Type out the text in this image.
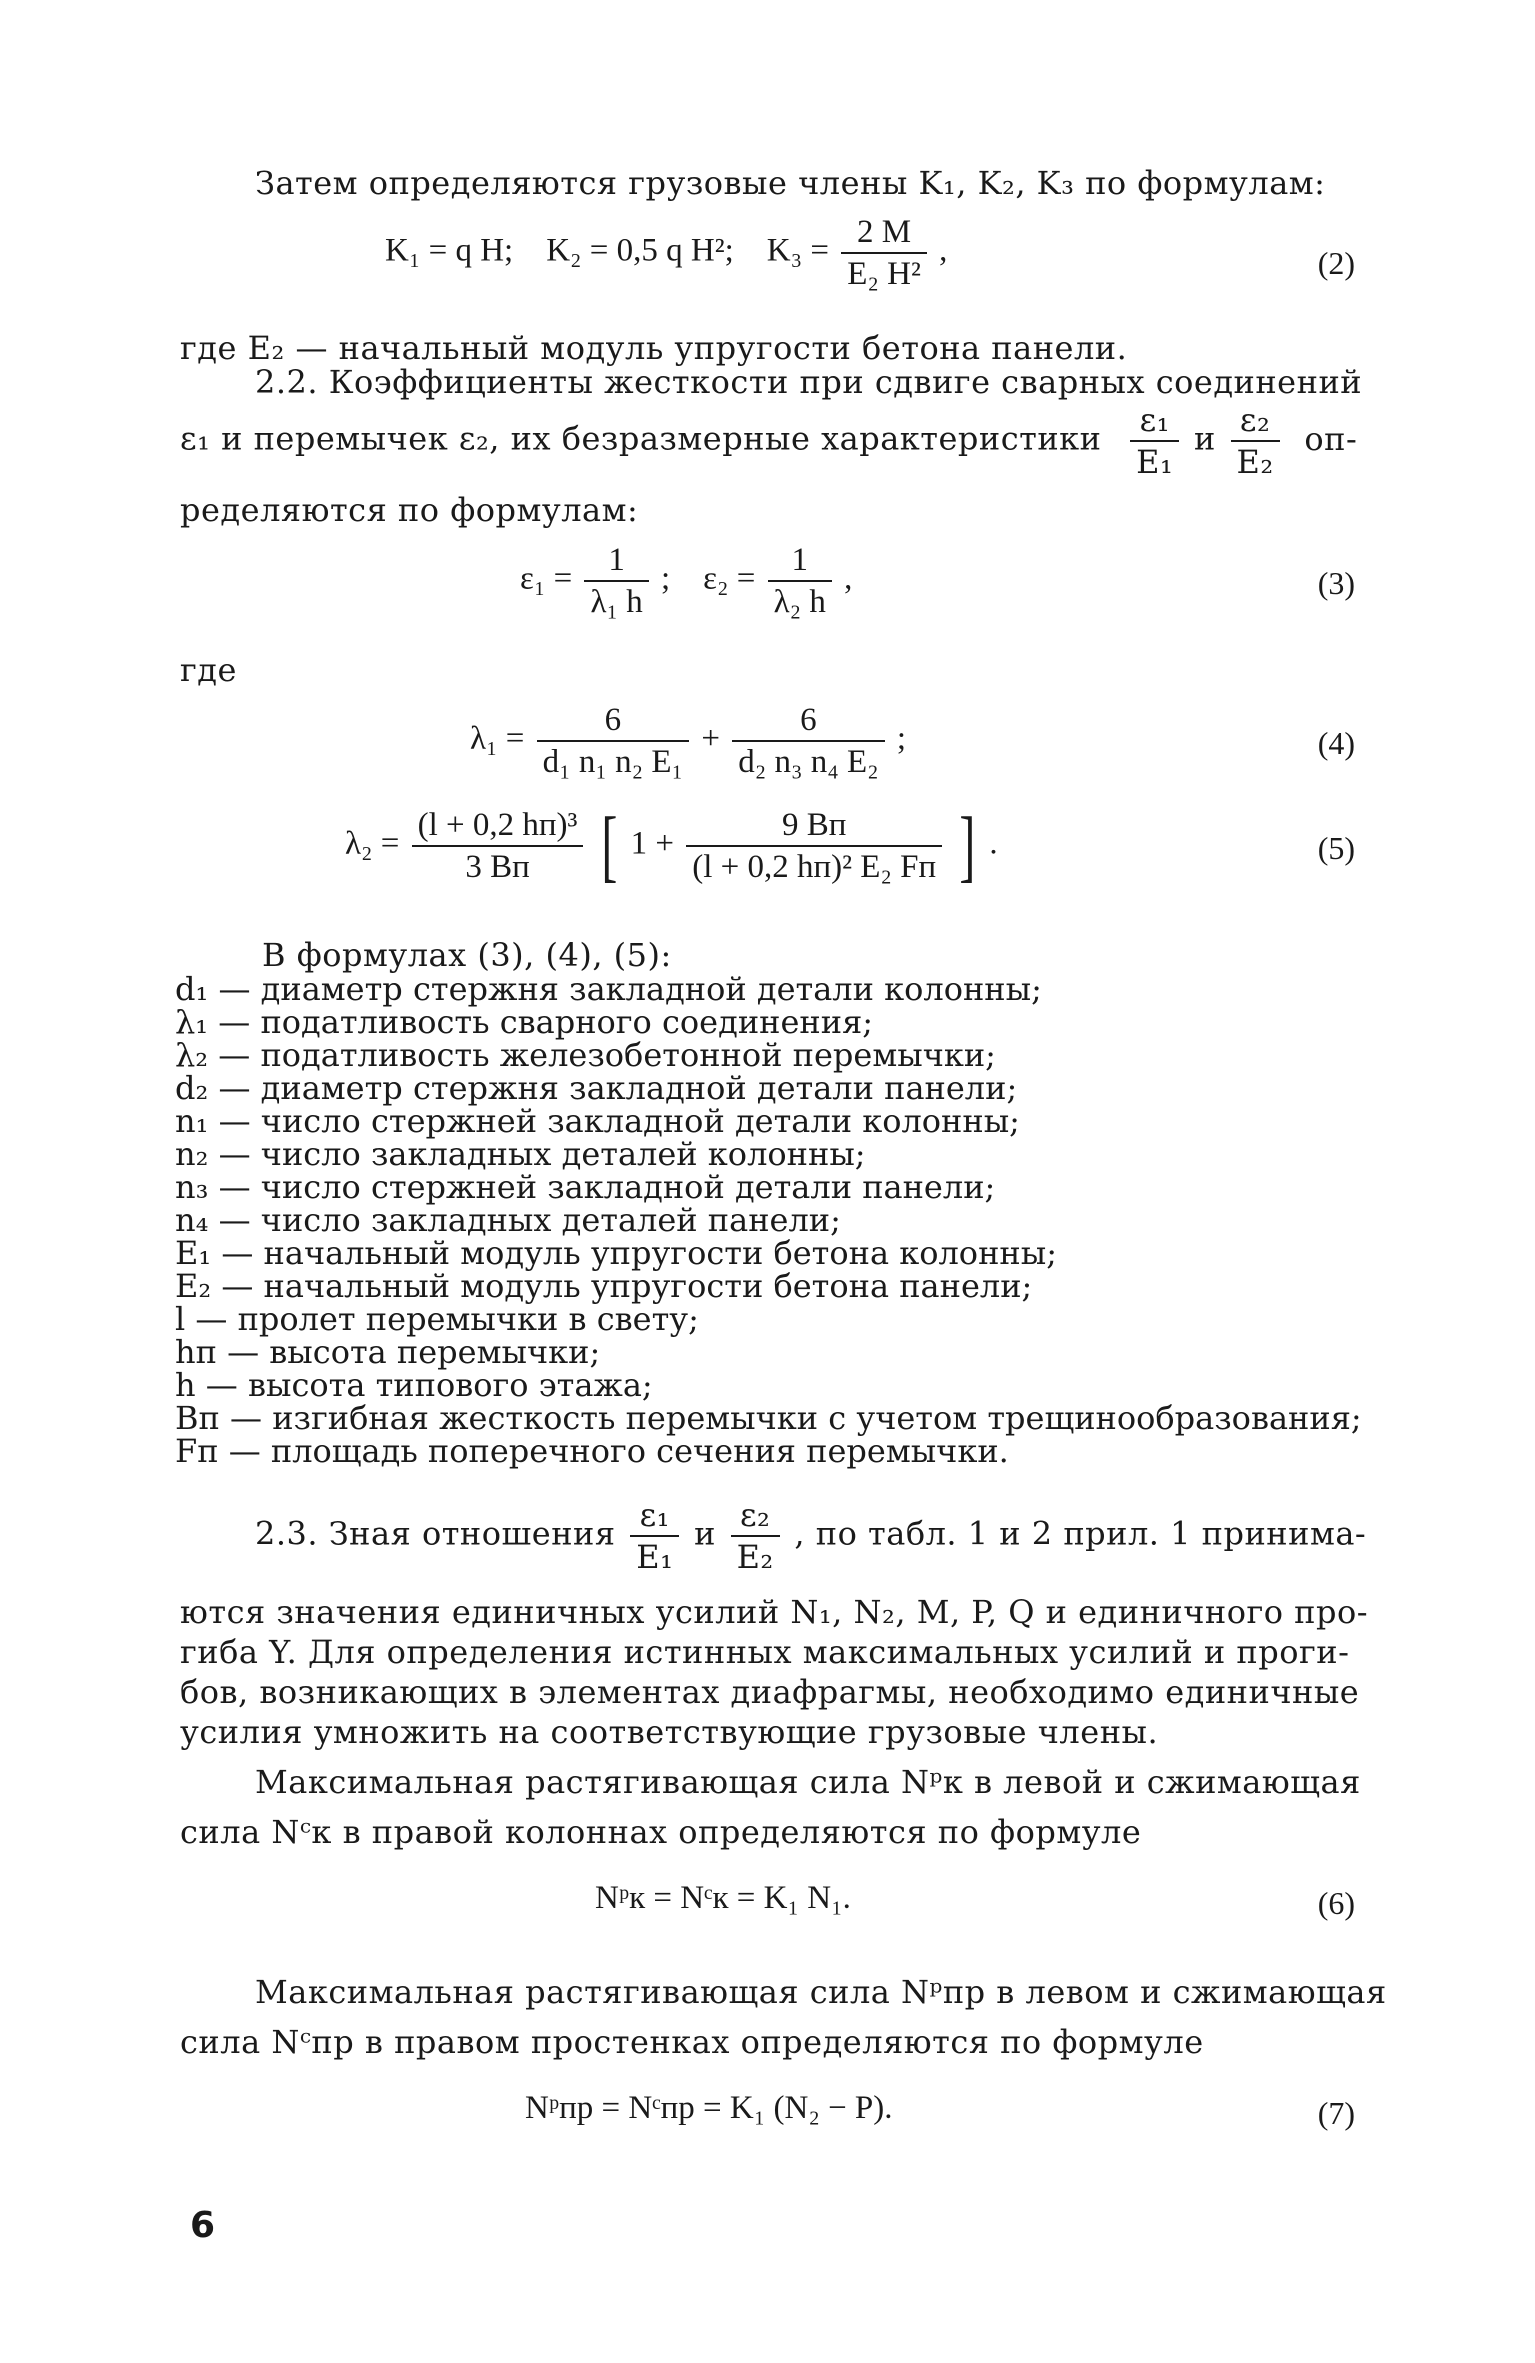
Затем определяются грузовые члены K₁, K₂, K₃ по формулам:
K₁ = q H; K₂ = 0,5 q H²; $K_3 = \frac{2 M}{\text{E₂ H²}}$ ,	(2)
где E₂ — начальный модуль упругости бетона панели.
2.2. Коэффициенты жесткости при сдвиге сварных соединений
ε₁ и перемычек ε₂, их безразмерные характеристики $\frac{\text{ε₁}}{\text{E₁}}$ и $\frac{\text{ε₂}}{\text{E₂}} оп-$
ределяются по формулам:
$\varepsilon_1 = \frac{1}{\text{λ₁ h}}$ ; $\varepsilon_2 = \frac{1}{\text{λ₂ h}}$ ,	(3)
где
$\lambda_1 = \frac{6}{\text{d₁ n₁ n₂ E₁}} + \frac{6}{\text{d₂ n₃ n₄ E₂}}$ ;	(4)
$\lambda_2 = \frac{\text{(l + 0,2 hп)³}}{3 Bп}$ [ $1 + \frac{9 Bп}{\text{(l + 0,2 hп)² E₂ Fп}}$ ] .	(5)
В формулах (3), (4), (5):
d₁ — диаметр стержня закладной детали колонны;
λ₁ — податливость сварного соединения;
λ₂ — податливость железобетонной перемычки;
d₂ — диаметр стержня закладной детали панели;
n₁ — число стержней закладной детали колонны;
n₂ — число закладных деталей колонны;
n₃ — число стержней закладной детали панели;
n₄ — число закладных деталей панели;
E₁ — начальный модуль упругости бетона колонны;
E₂ — начальный модуль упругости бетона панели;
l — пролет перемычки в свету;
hп — высота перемычки;
h — высота типового этажа;
Bп — изгибная жесткость перемычки с учетом трещинообразования;
Fп — площадь поперечного сечения перемычки.
2.3. Зная отношения $\frac{\text{ε₁}}{\text{E₁}}$ и $\frac{\text{ε₂}}{\text{E₂}}$ , по табл. 1 и 2 прил. 1 принима-
ются значения единичных усилий N₁, N₂, M, P, Q и единичного про-
гиба Y. Для определения истинных максимальных усилий и проги-
бов, возникающих в элементах диафрагмы, необходимо единичные
усилия умножить на соответствующие грузовые члены.
Максимальная растягивающая сила Nᵖк в левой и сжимающая
сила Nᶜк в правой колоннах определяются по формуле
Nᵖк = Nᶜк = K₁ N₁.	(6)
Максимальная растягивающая сила Nᵖпр в левом и сжимающая
сила Nᶜпр в правом простенках определяются по формуле
Nᵖпр = Nᶜпр = K₁ (N₂ − P).	(7)
6
